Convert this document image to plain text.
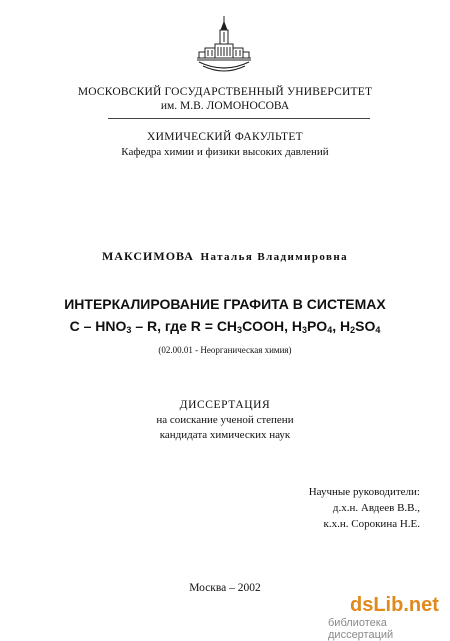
МОСКОВСКИЙ ГОСУДАРСТВЕННЫЙ УНИВЕРСИТЕТ
им. М.В. ЛОМОНОСОВА
ХИМИЧЕСКИЙ ФАКУЛЬТЕТ
Кафедра химии и физики высоких давлений
МАКСИМОВА Наталья Владимировна
ИНТЕРКАЛИРОВАНИЕ ГРАФИТА В СИСТЕМАХ
C – $HNO_3$ – R, где $R = CH_3COOH$, $H_3PO_4$, $H_2SO_4$
(02.00.01 - Неорганическая химия)
ДИССЕРТАЦИЯ
на соискание ученой степени
кандидата химических наук
Научные руководители:
д.х.н. Авдеев В.В.,
к.х.н. Сорокина Н.Е.
Москва – 2002
dsLib.net
библиотека диссертаций
